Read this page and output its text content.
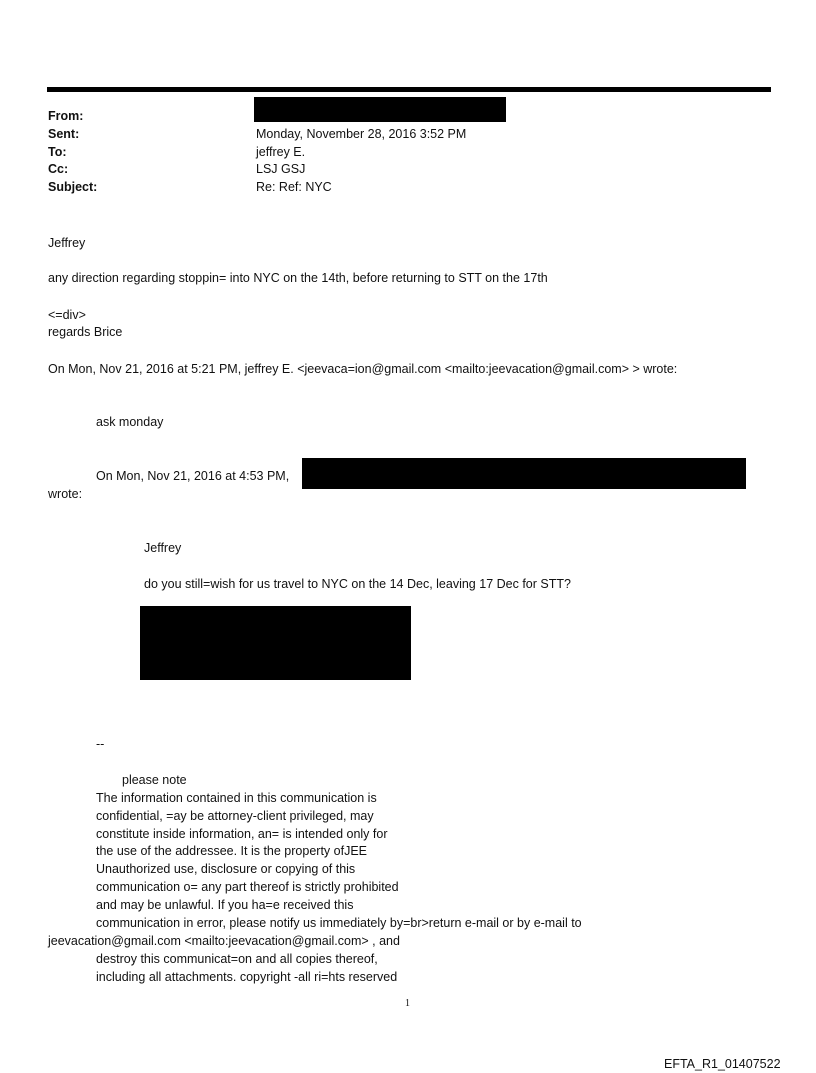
From:
Sent:
To:
Cc:
Subject:
Monday, November 28, 2016 3:52 PM
jeffrey E.
LSJ GSJ
Re: Ref: NYC
Jeffrey
any direction regarding stoppin= into NYC on the 14th, before returning to STT on the 17th
<=div>
regards Brice
On Mon, Nov 21, 2016 at 5:21 PM, jeffrey E. <jeevaca=ion@gmail.com <mailto:jeevacation@gmail.com> > wrote:
ask monday
On Mon, Nov 21, 2016 at 4:53 PM,
wrote:
Jeffrey
do you still=wish for us travel to NYC on the 14 Dec, leaving 17 Dec for STT?
--
please note
The information contained in this communication is
confidential, =ay be attorney-client privileged, may
constitute inside information, an= is intended only for
the use of the addressee. It is the property ofJEE
Unauthorized use, disclosure or copying of this
communication o= any part thereof is strictly prohibited
and may be unlawful. If you ha=e received this
communication in error, please notify us immediately by=br>return e-mail or by e-mail to
jeevacation@gmail.com <mailto:jeevacation@gmail.com> , and
destroy this communicat=on and all copies thereof,
including all attachments. copyright -all ri=hts reserved
1
EFTA_R1_01407522
